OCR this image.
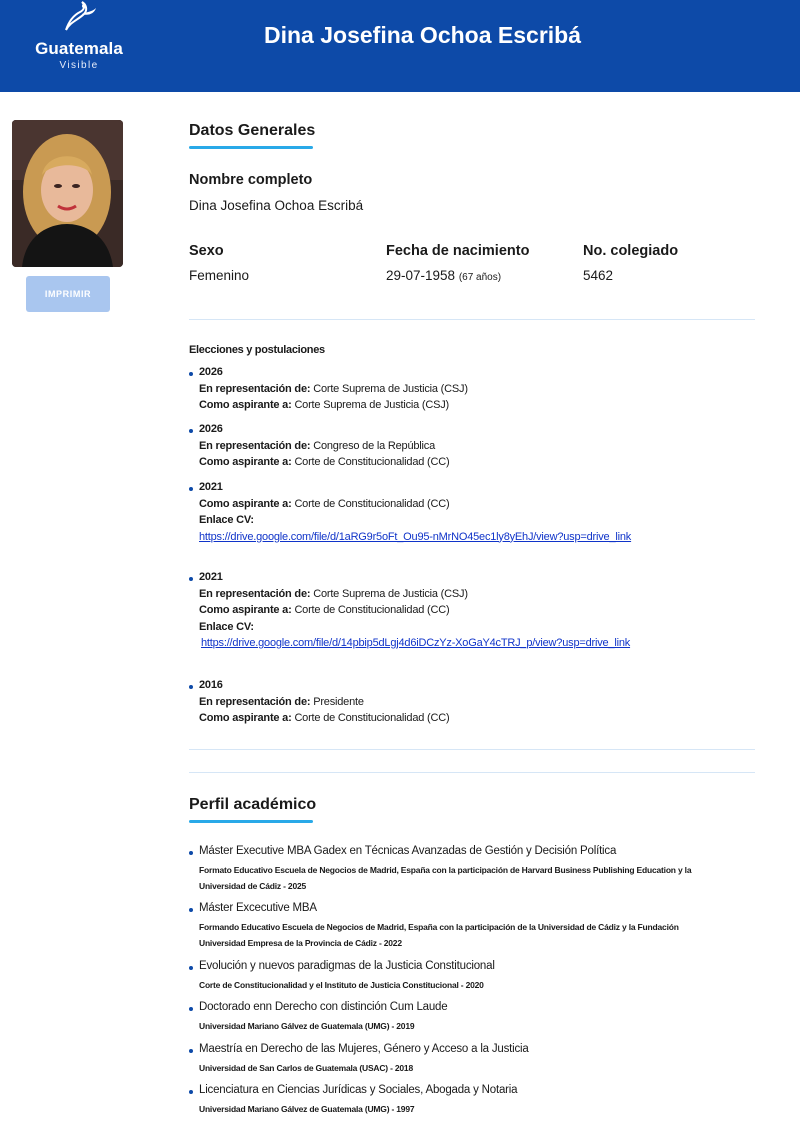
Guatemala
Visible
Dina Josefina Ochoa Escribá
IMPRIMIR
Datos Generales
Nombre completo
Dina Josefina Ochoa Escribá
Sexo
Femenino
Fecha de nacimiento
29-07-1958 (67 años)
No. colegiado
5462
Elecciones y postulaciones
2026
En representación de: Corte Suprema de Justicia (CSJ)
Como aspirante a: Corte Suprema de Justicia (CSJ)
2026
En representación de: Congreso de la República
Como aspirante a: Corte de Constitucionalidad (CC)
2021
Como aspirante a: Corte de Constitucionalidad (CC)
Enlace CV:
https://drive.google.com/file/d/1aRG9r5oFt_Ou95-nMrNO45ec1ly8yEhJ/view?usp=drive_link
2021
En representación de: Corte Suprema de Justicia (CSJ)
Como aspirante a: Corte de Constitucionalidad (CC)
Enlace CV:
https://drive.google.com/file/d/14pbip5dLgj4d6iDCzYz-XoGaY4cTRJ_p/view?usp=drive_link
2016
En representación de: Presidente
Como aspirante a: Corte de Constitucionalidad (CC)
Perfil académico
Máster Executive MBA Gadex en Técnicas Avanzadas de Gestión y Decisión Política
Formato Educativo Escuela de Negocios de Madrid, España con la participación de Harvard Business Publishing Education y la
Universidad de Cádiz - 2025
Máster Excecutive MBA
Formando Educativo Escuela de Negocios de Madrid, España con la participación de la Universidad de Cádiz y la Fundación
Universidad Empresa de la Provincia de Cádiz - 2022
Evolución y nuevos paradigmas de la Justicia Constitucional
Corte de Constitucionalidad y el Instituto de Justicia Constitucional - 2020
Doctorado enn Derecho con distinción Cum Laude
Universidad Mariano Gálvez de Guatemala (UMG) - 2019
Maestría en Derecho de las Mujeres, Género y Acceso a la Justicia
Universidad de San Carlos de Guatemala (USAC) - 2018
Licenciatura en Ciencias Jurídicas y Sociales, Abogada y Notaria
Universidad Mariano Gálvez de Guatemala (UMG) - 1997
